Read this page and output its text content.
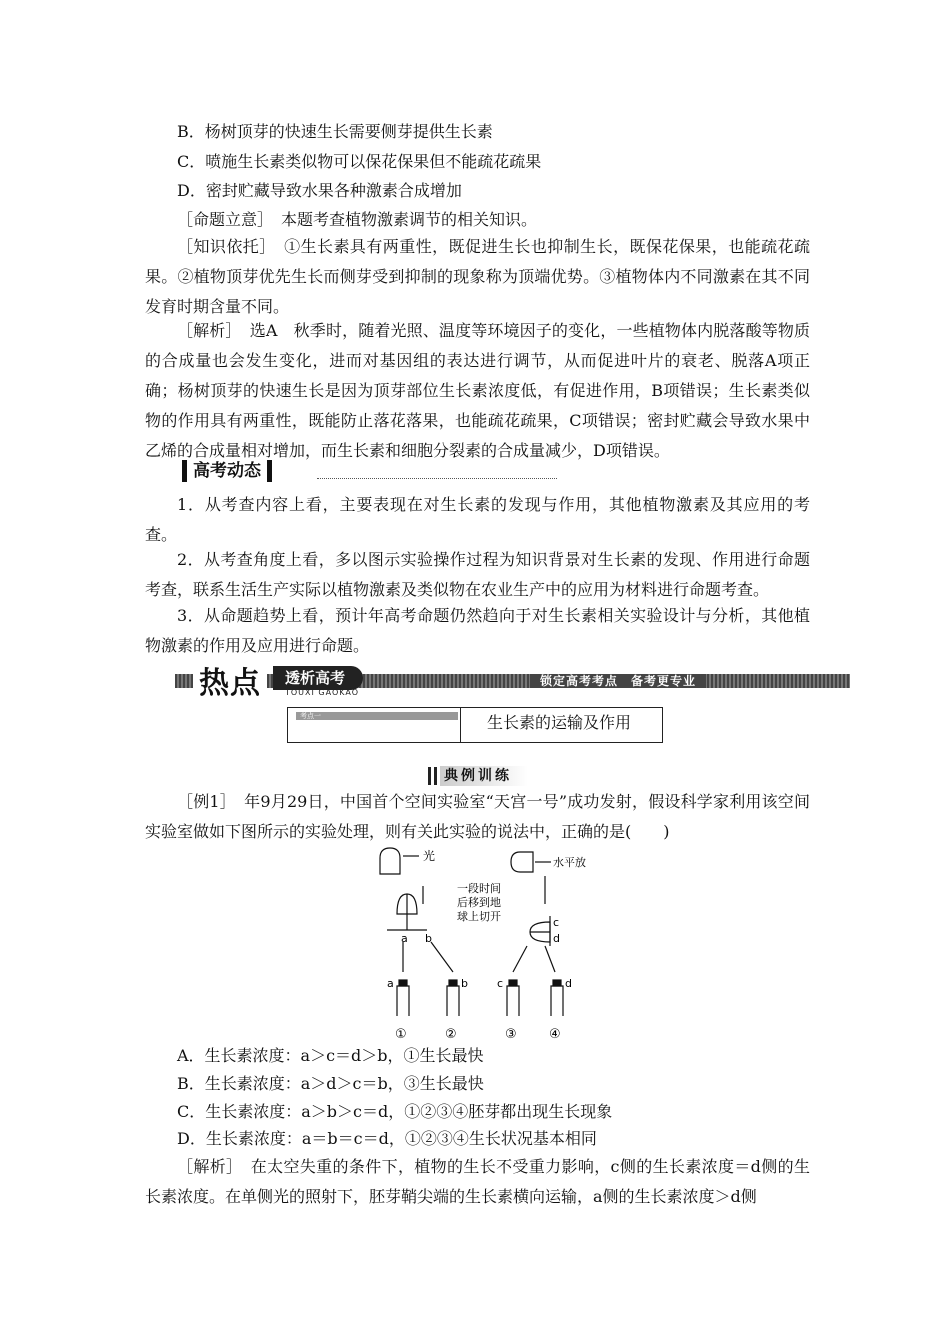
B．杨树顶芽的快速生长需要侧芽提供生长素

C．喷施生长素类似物可以保花保果但不能疏花疏果

D．密封贮藏导致水果各种激素合成增加

［命题立意］　本题考查植物激素调节的相关知识。

［知识依托］　①生长素具有两重性，既促进生长也抑制生长，既保花保果，也能疏花疏果。②植物顶芽优先生长而侧芽受到抑制的现象称为顶端优势。③植物体内不同激素在其不同发育时期含量不同。

［解析］　选A　秋季时，随着光照、温度等环境因子的变化，一些植物体内脱落酸等物质的合成量也会发生变化，进而对基因组的表达进行调节，从而促进叶片的衰老、脱落A项正确；杨树顶芽的快速生长是因为顶芽部位生长素浓度低，有促进作用，B项错误；生长素类似物的作用具有两重性，既能防止落花落果，也能疏花疏果，C项错误；密封贮藏会导致水果中乙烯的合成量相对增加，而生长素和细胞分裂素的合成量减少，D项错误。

高考动态

1．从考查内容上看，主要表现在对生长素的发现与作用，其他植物激素及其应用的考查。

2．从考查角度上看，多以图示实验操作过程为知识背景对生长素的发现、作用进行命题考查，联系生活生产实际以植物激素及类似物在农业生产中的应用为材料进行命题考查。

3．从命题趋势上看，预计年高考命题仍然趋向于对生长素相关实验设计与分析，其他植物激素的作用及应用进行命题。

热点	透析高考
TOUXI GAOKAO
锁定高考考点　备考更专业
考点一	生长素的运输及作用
典例训练

［例1］　年9月29日，中国首个空间实验室“天宫一号”成功发射，假设科学家利用该空间实验室做如下图所示的实验处理，则有关此实验的说法中，正确的是(　　)

光	水平放
一段时间
后移到地
球上切开
a b
c
d
a	b	c	d
①	②	③ ④

A．生长素浓度：a＞c＝d＞b，①生长最快

B．生长素浓度：a＞d＞c＝b，③生长最快

C．生长素浓度：a＞b＞c＝d，①②③④胚芽都出现生长现象

D．生长素浓度：a＝b＝c＝d，①②③④生长状况基本相同

［解析］　在太空失重的条件下，植物的生长不受重力影响，c侧的生长素浓度＝d侧的生长素浓度。在单侧光的照射下，胚芽鞘尖端的生长素横向运输，a侧的生长素浓度＞d侧
